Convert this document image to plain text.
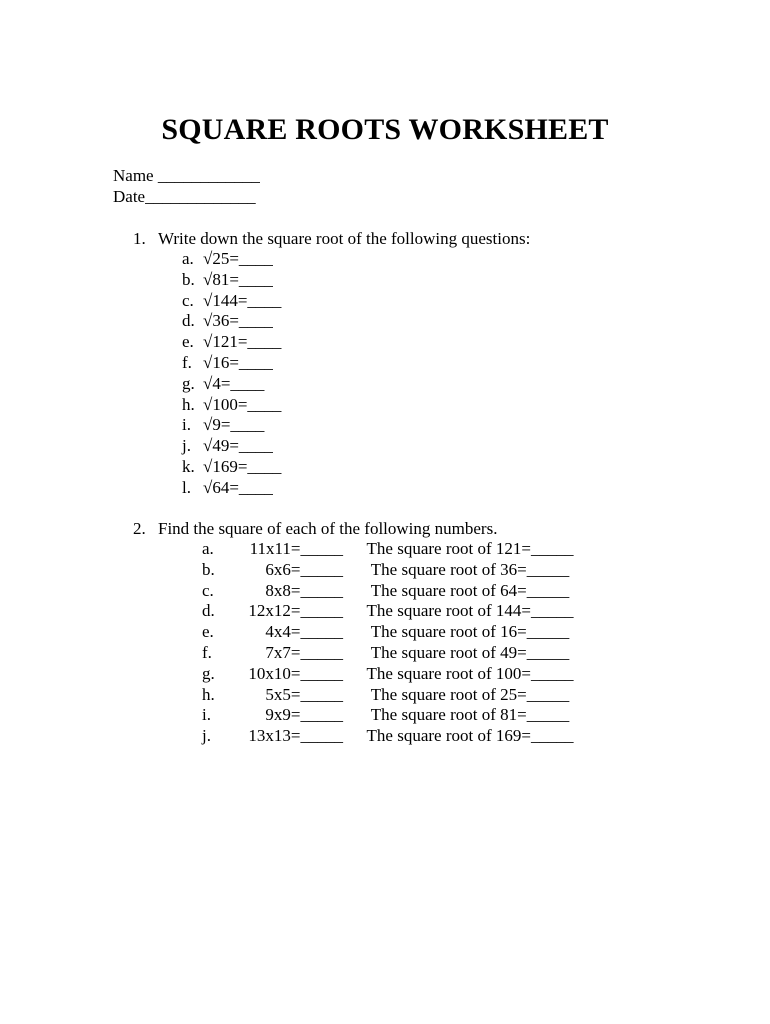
SQUARE ROOTS WORKSHEET
Name ____________
Date_____________
1. Write down the square root of the following questions:
a. √25=____
b. √81=____
c. √144=____
d. √36=____
e. √121=____
f. √16=____
g. √4=____
h. √100=____
i. √9=____
j. √49=____
k. √169=____
l. √64=____
2. Find the square of each of the following numbers.
a. 11x11=_____ The square root of 121=_____
b.	6x6=_____ The square root of 36=_____
c.	8x8=_____ The square root of 64=_____
d. 12x12=_____ The square root of 144=_____
e.	4x4=_____ The square root of 16=_____
f.	7x7=_____ The square root of 49=_____
g. 10x10=_____ The square root of 100=_____
h.	5x5=_____ The square root of 25=_____
i.	9x9=_____ The square root of 81=_____
j. 13x13=_____ The square root of 169=_____
